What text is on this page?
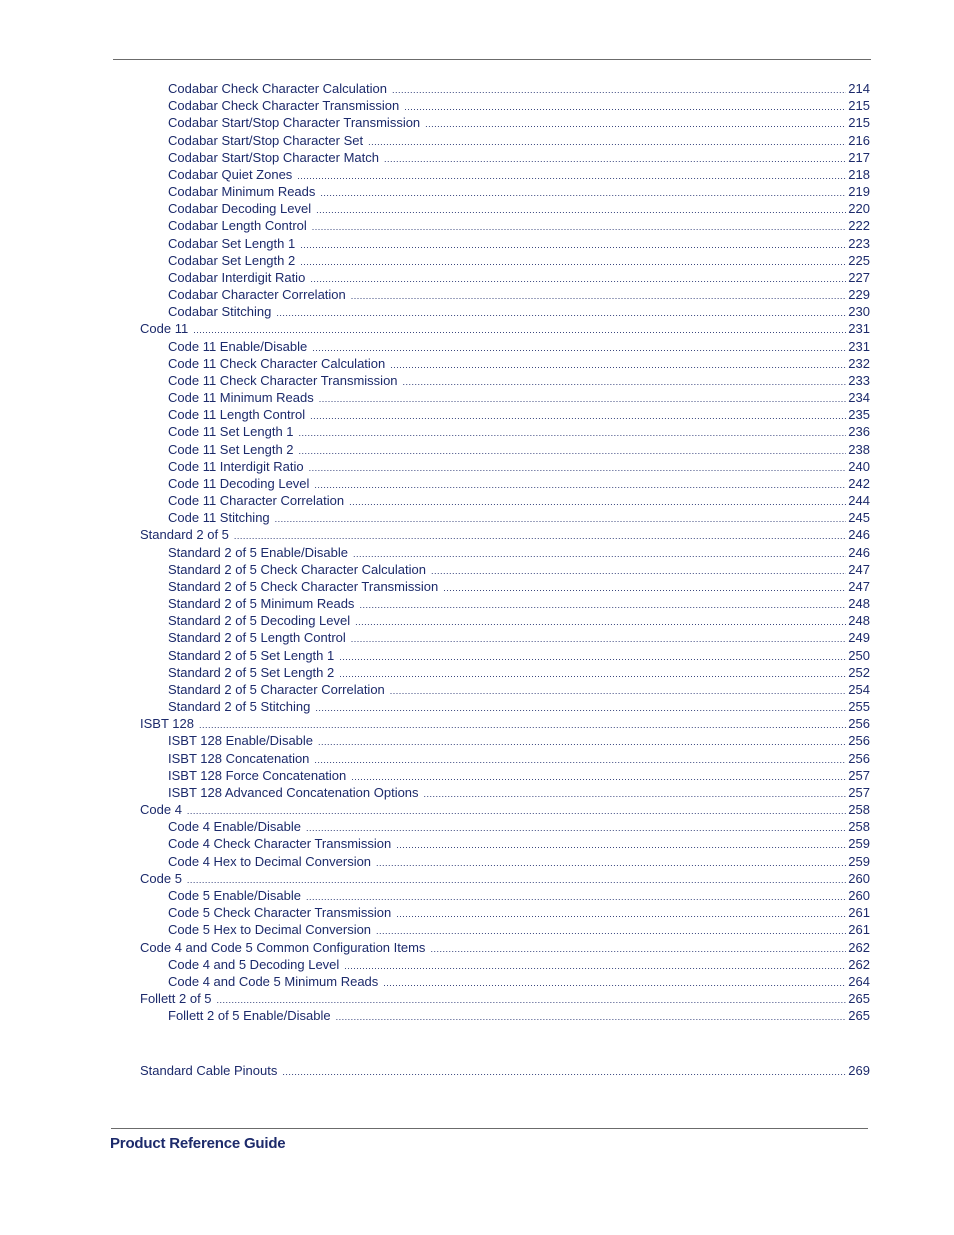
Codabar Check Character Calculation .....	214
Codabar Check Character Transmission .....	215
Codabar Start/Stop Character Transmission .....	215
Codabar Start/Stop Character Set .....	216
Codabar Start/Stop Character Match .....	217
Codabar Quiet Zones .....	218
Codabar Minimum Reads .....	219
Codabar Decoding Level .....	220
Codabar Length Control .....	222
Codabar Set Length 1 .....	223
Codabar Set Length 2 .....	225
Codabar Interdigit Ratio .....	227
Codabar Character Correlation .....	229
Codabar Stitching .....	230
Code 11 .....	231
Code 11 Enable/Disable .....	231
Code 11 Check Character Calculation .....	232
Code 11 Check Character Transmission .....	233
Code 11 Minimum Reads .....	234
Code 11 Length Control .....	235
Code 11 Set Length 1 .....	236
Code 11 Set Length 2 .....	238
Code 11 Interdigit Ratio .....	240
Code 11 Decoding Level .....	242
Code 11 Character Correlation .....	244
Code 11 Stitching .....	245
Standard 2 of 5 .....	246
Standard 2 of 5 Enable/Disable .....	246
Standard 2 of 5 Check Character Calculation .....	247
Standard 2 of 5 Check Character Transmission .....	247
Standard 2 of 5 Minimum Reads .....	248
Standard 2 of 5 Decoding Level .....	248
Standard 2 of 5 Length Control .....	249
Standard 2 of 5 Set Length 1 .....	250
Standard 2 of 5 Set Length 2 .....	252
Standard 2 of 5 Character Correlation .....	254
Standard 2 of 5 Stitching .....	255
ISBT 128 .....	256
ISBT 128 Enable/Disable .....	256
ISBT 128 Concatenation .....	256
ISBT 128 Force Concatenation .....	257
ISBT 128 Advanced Concatenation Options .....	257
Code 4 .....	258
Code 4 Enable/Disable .....	258
Code 4 Check Character Transmission .....	259
Code 4 Hex to Decimal Conversion .....	259
Code 5 .....	260
Code 5 Enable/Disable .....	260
Code 5 Check Character Transmission .....	261
Code 5 Hex to Decimal Conversion .....	261
Code 4 and Code 5 Common Configuration Items .....	262
Code 4 and 5 Decoding Level .....	262
Code 4 and Code 5 Minimum Reads .....	264
Follett 2 of 5 .....	265
Follett 2 of 5 Enable/Disable .....	265
Standard Cable Pinouts .....	269
Product Reference Guide
